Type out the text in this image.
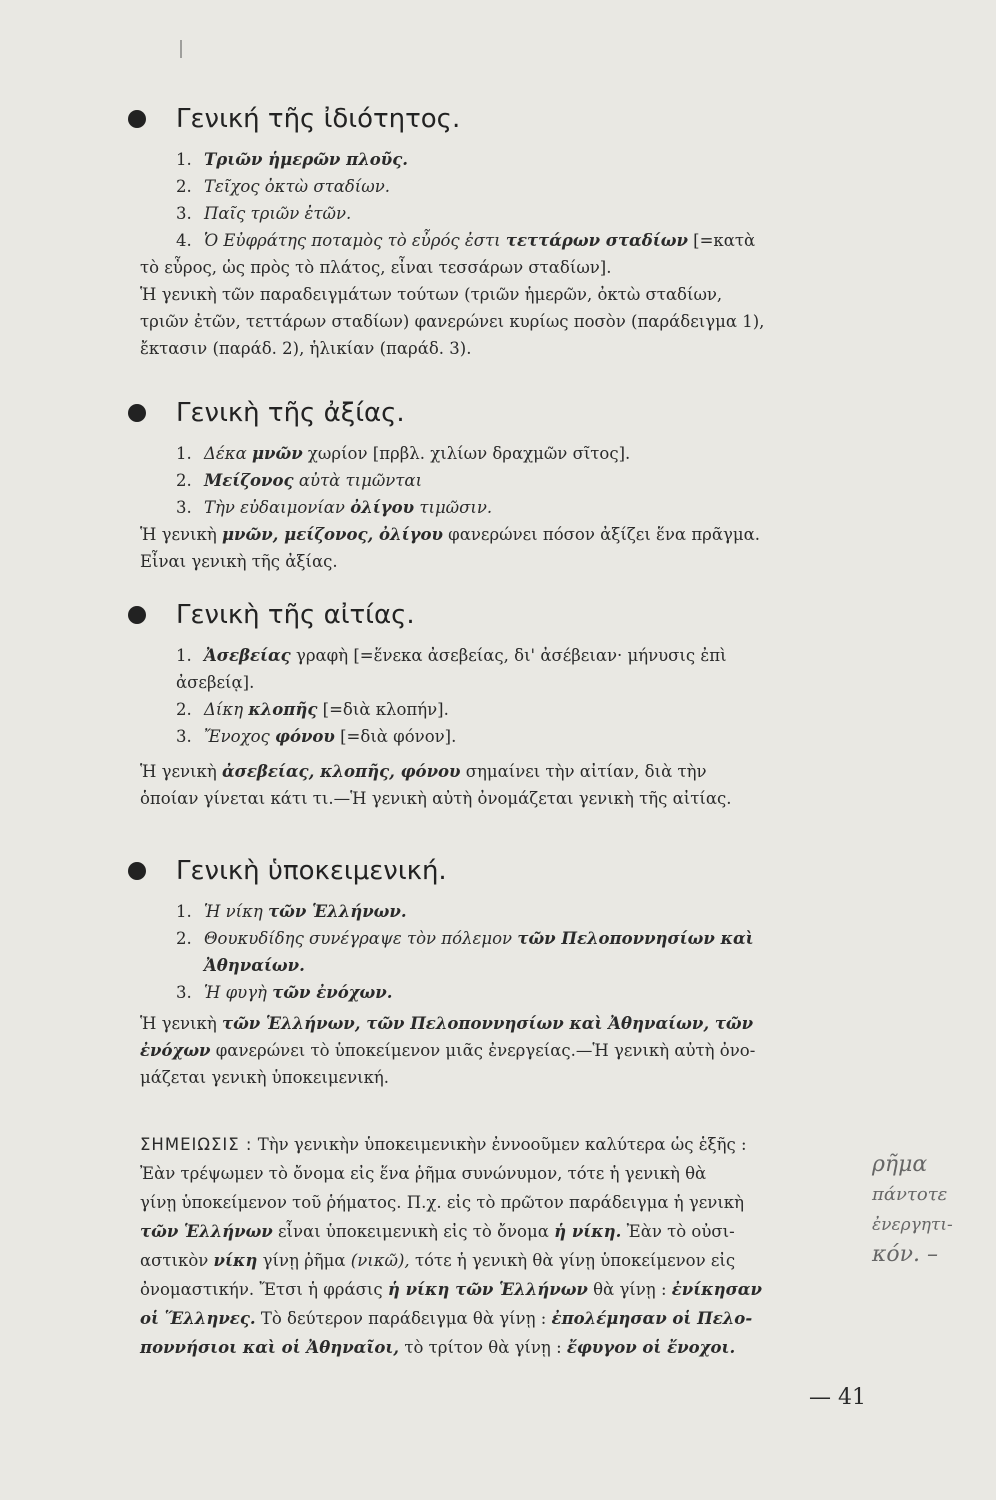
Γενική τῆς ἰδιότητος.
1. Τριῶν ἡμερῶν πλοῦς.
2. Τεῖχος ὀκτὼ σταδίων.
3. Παῖς τριῶν ἐτῶν.
4. Ὁ Εὐφράτης ποταμὸς τὸ εὖρός ἐστι τεττάρων σταδίων [=κατὰ
τὸ εὖρος, ὡς πρὸς τὸ πλάτος, εἶναι τεσσάρων σταδίων].
Ἡ γενικὴ τῶν παραδειγμάτων τούτων (τριῶν ἡμερῶν, ὀκτὼ σταδίων,
τριῶν ἐτῶν, τεττάρων σταδίων) φανερώνει κυρίως ποσὸν (παράδειγμα 1),
ἔκτασιν (παράδ. 2), ἡλικίαν (παράδ. 3).
Γενικὴ τῆς ἀξίας.
1. Δέκα μνῶν χωρίον [πρβλ. χιλίων δραχμῶν σῖτος].
2. Μείζονος αὐτὰ τιμῶνται
3. Τὴν εὐδαιμονίαν ὀλίγου τιμῶσιν.
Ἡ γενικὴ μνῶν, μείζονος, ὀλίγου φανερώνει πόσον ἀξίζει ἕνα πρᾶγμα.
Εἶναι γενικὴ τῆς ἀξίας.
Γενικὴ τῆς αἰτίας.
1. Ἀσεβείας γραφὴ [=ἕνεκα ἀσεβείας, δι' ἀσέβειαν· μήνυσις ἐπὶ
ἀσεβείᾳ].
2. Δίκη κλοπῆς [=διὰ κλοπήν].
3. Ἔνοχος φόνου [=διὰ φόνον].
Ἡ γενικὴ ἀσεβείας, κλοπῆς, φόνου σημαίνει τὴν αἰτίαν, διὰ τὴν
ὁποίαν γίνεται κάτι τι.—Ἡ γενικὴ αὐτὴ ὀνομάζεται γενικὴ τῆς αἰτίας.
Γενικὴ ὑποκειμενική.
1. Ἡ νίκη τῶν Ἑλλήνων.
2. Θουκυδίδης συνέγραψε τὸν πόλεμον τῶν Πελοποννησίων καὶ
Ἀθηναίων.
3. Ἡ φυγὴ τῶν ἐνόχων.
Ἡ γενικὴ τῶν Ἑλλήνων, τῶν Πελοποννησίων καὶ Ἀθηναίων, τῶν
ἐνόχων φανερώνει τὸ ὑποκείμενον μιᾶς ἐνεργείας.—Ἡ γενικὴ αὐτὴ ὀνο-
μάζεται γενικὴ ὑποκειμενική.
ΣΗΜΕΙΩΣΙΣ : Τὴν γενικὴν ὑποκειμενικὴν ἐννοοῦμεν καλύτερα ὡς ἑξῆς :
Ἐὰν τρέψωμεν τὸ ὄνομα εἰς ἕνα ῥῆμα συνώνυμον, τότε ἡ γενικὴ θὰ
γίνῃ ὑποκείμενον τοῦ ῥήματος. Π.χ. εἰς τὸ πρῶτον παράδειγμα ἡ γενικὴ
τῶν Ἑλλήνων εἶναι ὑποκειμενικὴ εἰς τὸ ὄνομα ἡ νίκη. Ἐὰν τὸ οὐσι-
αστικὸν νίκη γίνῃ ῥῆμα (νικῶ), τότε ἡ γενικὴ θὰ γίνῃ ὑποκείμενον εἰς
ὀνομαστικήν. Ἔτσι ἡ φράσις ἡ νίκη τῶν Ἑλλήνων θὰ γίνῃ : ἐνίκησαν
οἱ Ἕλληνες. Τὸ δεύτερον παράδειγμα θὰ γίνῃ : ἐπολέμησαν οἱ Πελο-
ποννήσιοι καὶ οἱ Ἀθηναῖοι, τὸ τρίτον θὰ γίνῃ : ἔφυγον οἱ ἔνοχοι.
ρῆμα
πάντοτε
ἐνεργητι-
κόν. –
— 41
